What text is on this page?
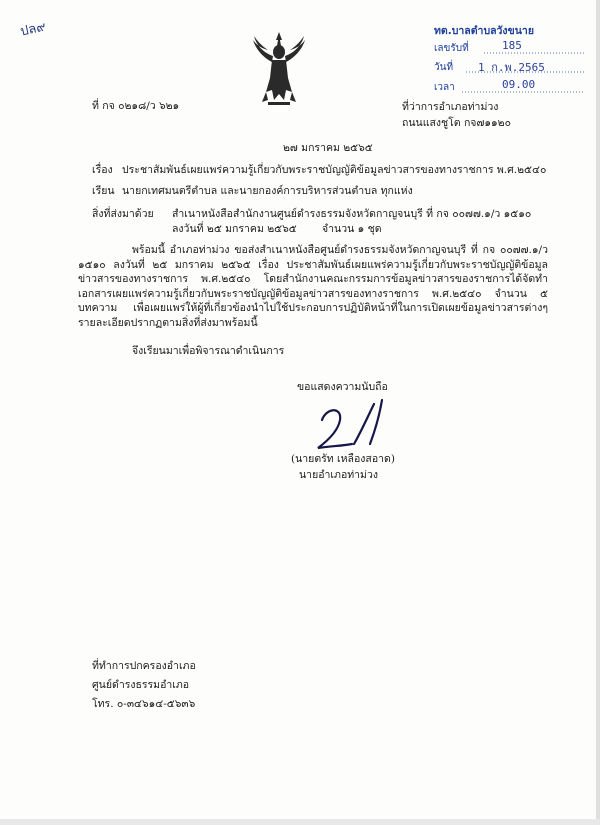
ปล๙	ทต.บาลตำบลวังขนาย
เลขรับที่	185
วันที่ 1 ก.พ.2565
เวลา	09.00
ที่ กจ ๐๒๑๘/ว ๖๒๑	ที่ว่าการอำเภอท่าม่วง
ถนนแสงชูโต กจ๗๑๑๒๐
๒๗ มกราคม ๒๕๖๕
เรื่อง ประชาสัมพันธ์เผยแพร่ความรู้เกี่ยวกับพระราชบัญญัติข้อมูลข่าวสารของทางราชการ พ.ศ.๒๕๔๐
เรียน นายกเทศมนตรีตำบล และนายกองค์การบริหารส่วนตำบล ทุกแห่ง
สิ่งที่ส่งมาด้วย สำเนาหนังสือสำนักงานศูนย์ดำรงธรรมจังหวัดกาญจนบุรี ที่ กจ ๐๐๗๗.๑/ว ๑๕๑๐
ลงวันที่ ๒๕ มกราคม ๒๕๖๕ จำนวน ๑ ชุด
พร้อมนี้ อำเภอท่าม่วง ขอส่งสำเนาหนังสือศูนย์ดำรงธรรมจังหวัดกาญจนบุรี ที่ กจ ๐๐๗๗.๑/ว ๑๕๑๐ ลงวันที่ ๒๕ มกราคม ๒๕๖๕ เรื่อง ประชาสัมพันธ์เผยแพร่ความรู้เกี่ยวกับพระราชบัญญัติข้อมูลข่าวสารของทางราชการ พ.ศ.๒๕๔๐ โดยสำนักงานคณะกรรมการข้อมูลข่าวสารของราชการได้จัดทำเอกสารเผยแพร่ความรู้เกี่ยวกับพระราชบัญญัติข้อมูลข่าวสารของทางราชการ พ.ศ.๒๕๔๐ จำนวน ๕ บทความ เพื่อเผยแพร่ให้ผู้ที่เกี่ยวข้องนำไปใช้ประกอบการปฏิบัติหน้าที่ในการเปิดเผยข้อมูลข่าวสารต่างๆ รายละเอียดปรากฏตามสิ่งที่ส่งมาพร้อมนี้
จึงเรียนมาเพื่อพิจารณาดำเนินการ
ขอแสดงความนับถือ
(นายตรัท เหลืองสอาด)
นายอำเภอท่าม่วง
ที่ทำการปกครองอำเภอ
ศูนย์ดำรงธรรมอำเภอ
โทร. ๐-๓๔๖๑๔-๕๖๓๖
